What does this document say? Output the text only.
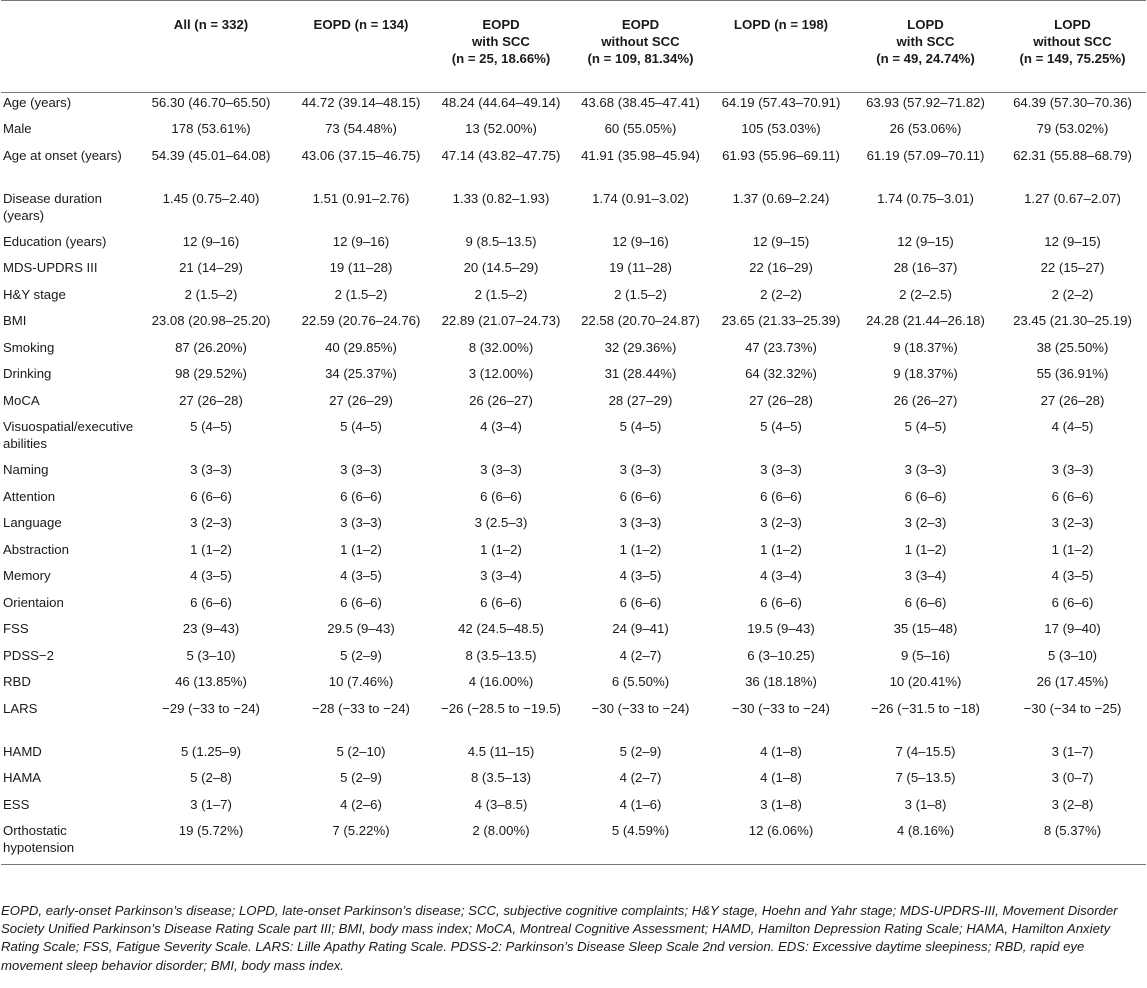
	All (n = 332)	EOPD (n = 134)	EOPD
with SCC
(n = 25, 18.66%)	EOPD
without SCC
(n = 109, 81.34%)	LOPD (n = 198)	LOPD
with SCC
(n = 49, 24.74%)	LOPD
without SCC
(n = 149, 75.25%)

Age (years)	56.30 (46.70–65.50)	44.72 (39.14–48.15)	48.24 (44.64–49.14)	43.68 (38.45–47.41)	64.19 (57.43–70.91)	63.93 (57.92–71.82)	64.39 (57.30–70.36)
Male	178 (53.61%)	73 (54.48%)	13 (52.00%)	60 (55.05%)	105 (53.03%)	26 (53.06%)	79 (53.02%)
Age at onset (years)	54.39 (45.01–64.08)	43.06 (37.15–46.75)	47.14 (43.82–47.75)	41.91 (35.98–45.94)	61.93 (55.96–69.11)	61.19 (57.09–70.11)	62.31 (55.88–68.79)
Disease duration (years)	1.45 (0.75–2.40)	1.51 (0.91–2.76)	1.33 (0.82–1.93)	1.74 (0.91–3.02)	1.37 (0.69–2.24)	1.74 (0.75–3.01)	1.27 (0.67–2.07)
Education (years)	12 (9–16)	12 (9–16)	9 (8.5–13.5)	12 (9–16)	12 (9–15)	12 (9–15)	12 (9–15)
MDS-UPDRS III	21 (14–29)	19 (11–28)	20 (14.5–29)	19 (11–28)	22 (16–29)	28 (16–37)	22 (15–27)
H&Y stage	2 (1.5–2)	2 (1.5–2)	2 (1.5–2)	2 (1.5–2)	2 (2–2)	2 (2–2.5)	2 (2–2)
BMI	23.08 (20.98–25.20)	22.59 (20.76–24.76)	22.89 (21.07–24.73)	22.58 (20.70–24.87)	23.65 (21.33–25.39)	24.28 (21.44–26.18)	23.45 (21.30–25.19)
Smoking	87 (26.20%)	40 (29.85%)	8 (32.00%)	32 (29.36%)	47 (23.73%)	9 (18.37%)	38 (25.50%)
Drinking	98 (29.52%)	34 (25.37%)	3 (12.00%)	31 (28.44%)	64 (32.32%)	9 (18.37%)	55 (36.91%)
MoCA	27 (26–28)	27 (26–29)	26 (26–27)	28 (27–29)	27 (26–28)	26 (26–27)	27 (26–28)
Visuospatial/executive abilities	5 (4–5)	5 (4–5)	4 (3–4)	5 (4–5)	5 (4–5)	5 (4–5)	4 (4–5)
Naming	3 (3–3)	3 (3–3)	3 (3–3)	3 (3–3)	3 (3–3)	3 (3–3)	3 (3–3)
Attention	6 (6–6)	6 (6–6)	6 (6–6)	6 (6–6)	6 (6–6)	6 (6–6)	6 (6–6)
Language	3 (2–3)	3 (3–3)	3 (2.5–3)	3 (3–3)	3 (2–3)	3 (2–3)	3 (2–3)
Abstraction	1 (1–2)	1 (1–2)	1 (1–2)	1 (1–2)	1 (1–2)	1 (1–2)	1 (1–2)
Memory	4 (3–5)	4 (3–5)	3 (3–4)	4 (3–5)	4 (3–4)	3 (3–4)	4 (3–5)
Orientaion	6 (6–6)	6 (6–6)	6 (6–6)	6 (6–6)	6 (6–6)	6 (6–6)	6 (6–6)
FSS	23 (9–43)	29.5 (9–43)	42 (24.5–48.5)	24 (9–41)	19.5 (9–43)	35 (15–48)	17 (9–40)
PDSS−2	5 (3–10)	5 (2–9)	8 (3.5–13.5)	4 (2–7)	6 (3–10.25)	9 (5–16)	5 (3–10)
RBD	46 (13.85%)	10 (7.46%)	4 (16.00%)	6 (5.50%)	36 (18.18%)	10 (20.41%)	26 (17.45%)
LARS	−29 (−33 to −24)	−28 (−33 to −24)	−26 (−28.5 to −19.5)	−30 (−33 to −24)	−30 (−33 to −24)	−26 (−31.5 to −18)	−30 (−34 to −25)
HAMD	5 (1.25–9)	5 (2–10)	4.5 (11–15)	5 (2–9)	4 (1–8)	7 (4–15.5)	3 (1–7)
HAMA	5 (2–8)	5 (2–9)	8 (3.5–13)	4 (2–7)	4 (1–8)	7 (5–13.5)	3 (0–7)
ESS	3 (1–7)	4 (2–6)	4 (3–8.5)	4 (1–6)	3 (1–8)	3 (1–8)	3 (2–8)
Orthostatic hypotension	19 (5.72%)	7 (5.22%)	2 (8.00%)	5 (4.59%)	12 (6.06%)	4 (8.16%)	8 (5.37%)
EOPD, early-onset Parkinson’s disease; LOPD, late-onset Parkinson’s disease; SCC, subjective cognitive complaints; H&Y stage, Hoehn and Yahr stage; MDS-UPDRS-III, Movement Disorder Society Unified Parkinson’s Disease Rating Scale part III; BMI, body mass index; MoCA, Montreal Cognitive Assessment; HAMD, Hamilton Depression Rating Scale; HAMA, Hamilton Anxiety Rating Scale; FSS, Fatigue Severity Scale. LARS: Lille Apathy Rating Scale. PDSS-2: Parkinson’s Disease Sleep Scale 2nd version. EDS: Excessive daytime sleepiness; RBD, rapid eye movement sleep behavior disorder; BMI, body mass index.
